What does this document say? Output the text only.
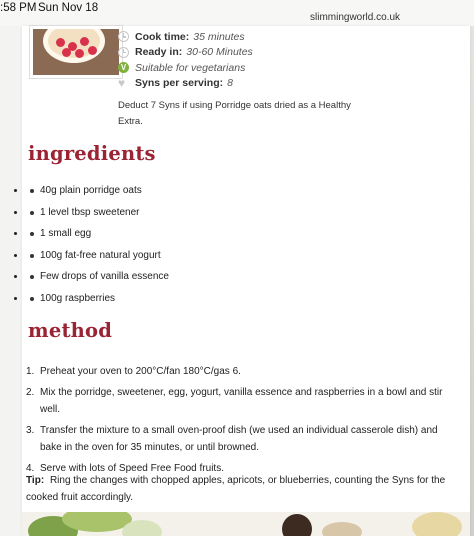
:58 PM Sun Nov 18
slimmingworld.co.uk
Cook time: 35 minutes
Ready in: 30-60 Minutes
V Suitable for vegetarians
♥ Syns per serving: 8

Deduct 7 Syns if using Porridge oats dried as a Healthy Extra.

ingredients
• 40g plain porridge oats
• 1 level tbsp sweetener
• 1 small egg
• 100g fat-free natural yogurt
• Few drops of vanilla essence
• 100g raspberries
method
1. Preheat your oven to 200°C/fan 180°C/gas 6.
2. Mix the porridge, sweetener, egg, yogurt, vanilla essence and raspberries in a bowl and stir well.
3. Transfer the mixture to a small oven-proof dish (we used an individual casserole dish) and bake in the oven for 35 minutes, or until browned.
4. Serve with lots of Speed Free Food fruits.

Tip: Ring the changes with chopped apples, apricots, or blueberries, counting the Syns for the cooked fruit accordingly.
